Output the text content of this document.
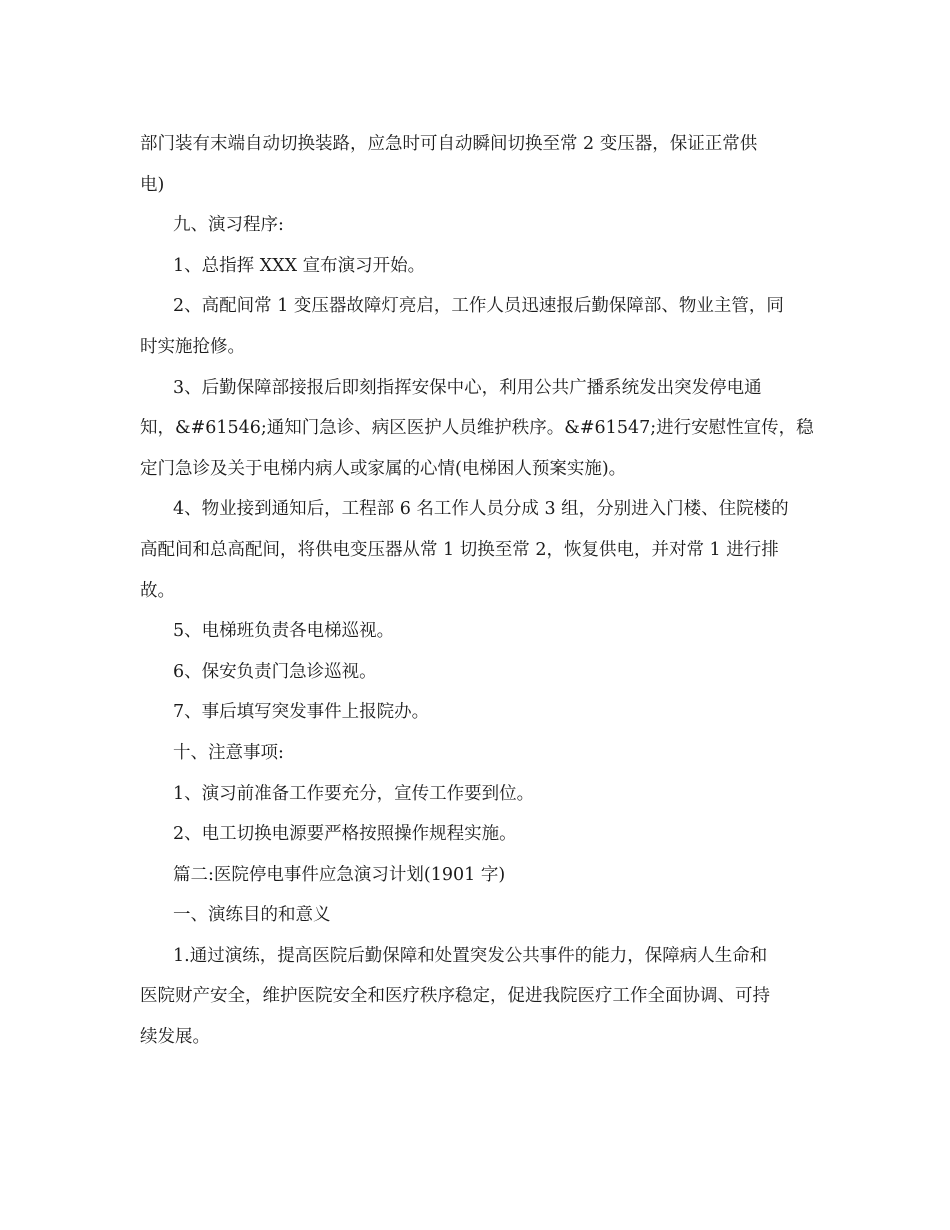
部门装有末端自动切换装路，应急时可自动瞬间切换至常 2 变压器，保证正常供
电)
九、演习程序:
1、总指挥 XXX 宣布演习开始。
2、高配间常 1 变压器故障灯亮启，工作人员迅速报后勤保障部、物业主管，同
时实施抢修。
3、后勤保障部接报后即刻指挥安保中心，利用公共广播系统发出突发停电通
知，&#61546;通知门急诊、病区医护人员维护秩序。&#61547;进行安慰性宣传，稳
定门急诊及关于电梯内病人或家属的心情(电梯困人预案实施)。
4、物业接到通知后，工程部 6 名工作人员分成 3 组，分别进入门楼、住院楼的
高配间和总高配间，将供电变压器从常 1 切换至常 2，恢复供电，并对常 1 进行排
故。
5、电梯班负责各电梯巡视。
6、保安负责门急诊巡视。
7、事后填写突发事件上报院办。
十、注意事项:
1、演习前准备工作要充分，宣传工作要到位。
2、电工切换电源要严格按照操作规程实施。
篇二:医院停电事件应急演习计划(1901 字)
一、演练目的和意义
1.通过演练，提高医院后勤保障和处置突发公共事件的能力，保障病人生命和
医院财产安全，维护医院安全和医疗秩序稳定，促进我院医疗工作全面协调、可持
续发展。
